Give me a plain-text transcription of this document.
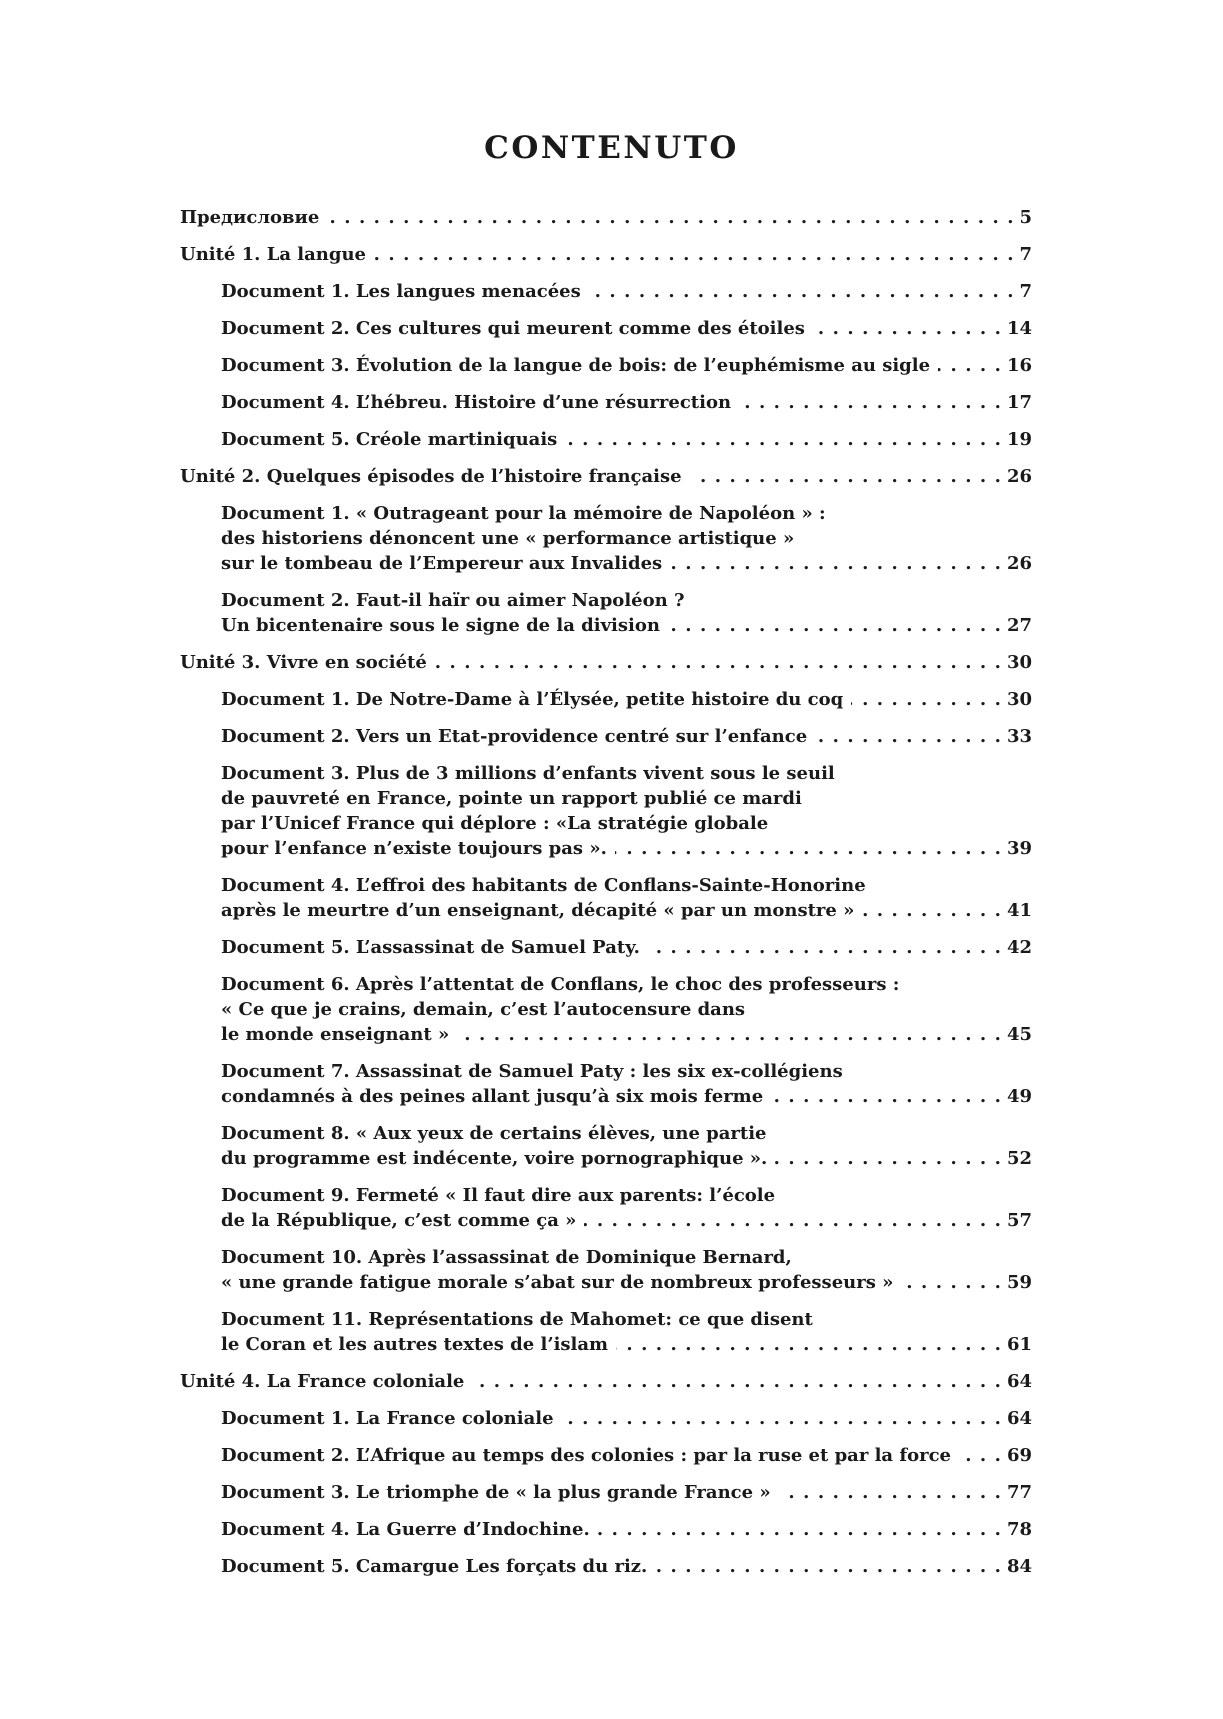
CONTENUTO
Предисловие . . .	5
Unité 1. La langue . . .	7
Document 1. Les langues menacées . . .	7
Document 2. Ces cultures qui meurent comme des étoiles . . .	14
Document 3. Évolution de la langue de bois: de l’euphémisme au sigle . . .	16
Document 4. L’hébreu. Histoire d’une résurrection . . .	17
Document 5. Créole martiniquais . . .	19
Unité 2. Quelques épisodes de l’histoire française . . .	26
Document 1. « Outrageant pour la mémoire de Napoléon » :
des historiens dénoncent une « performance artistique »
sur le tombeau de l’Empereur aux Invalides . . .	26
Document 2. Faut-il haïr ou aimer Napoléon ?
Un bicentenaire sous le signe de la division . . .	27
Unité 3. Vivre en société . . .	30
Document 1. De Notre-Dame à l’Élysée, petite histoire du coq . . .	30
Document 2. Vers un Etat-providence centré sur l’enfance . . .	33
Document 3. Plus de 3 millions d’enfants vivent sous le seuil
de pauvreté en France, pointe un rapport publié ce mardi
par l’Unicef France qui déplore : «La stratégie globale
pour l’enfance n’existe toujours pas ». . . .	39
Document 4. L’effroi des habitants de Conflans-Sainte-Honorine
après le meurtre d’un enseignant, décapité « par un monstre » . . .	41
Document 5. L’assassinat de Samuel Paty. . . .	42
Document 6. Après l’attentat de Conflans, le choc des professeurs :
« Ce que je crains, demain, c’est l’autocensure dans
le monde enseignant » . . .	45
Document 7. Assassinat de Samuel Paty : les six ex-collégiens
condamnés à des peines allant jusqu’à six mois ferme . . .	49
Document 8. « Aux yeux de certains élèves, une partie
du programme est indécente, voire pornographique ». . . .	52
Document 9. Fermeté « Il faut dire aux parents: l’école
de la République, c’est comme ça » . . .	57
Document 10. Après l’assassinat de Dominique Bernard,
« une grande fatigue morale s’abat sur de nombreux professeurs » . . .	59
Document 11. Représentations de Mahomet: ce que disent
le Coran et les autres textes de l’islam . . .	61
Unité 4. La France coloniale . . .	64
Document 1. La France coloniale . . .	64
Document 2. L’Afrique au temps des colonies : par la ruse et par la force . . .	69
Document 3. Le triomphe de « la plus grande France » . . .	77
Document 4. La Guerre d’Indochine. . . .	78
Document 5. Camargue Les forçats du riz. . . .	84
